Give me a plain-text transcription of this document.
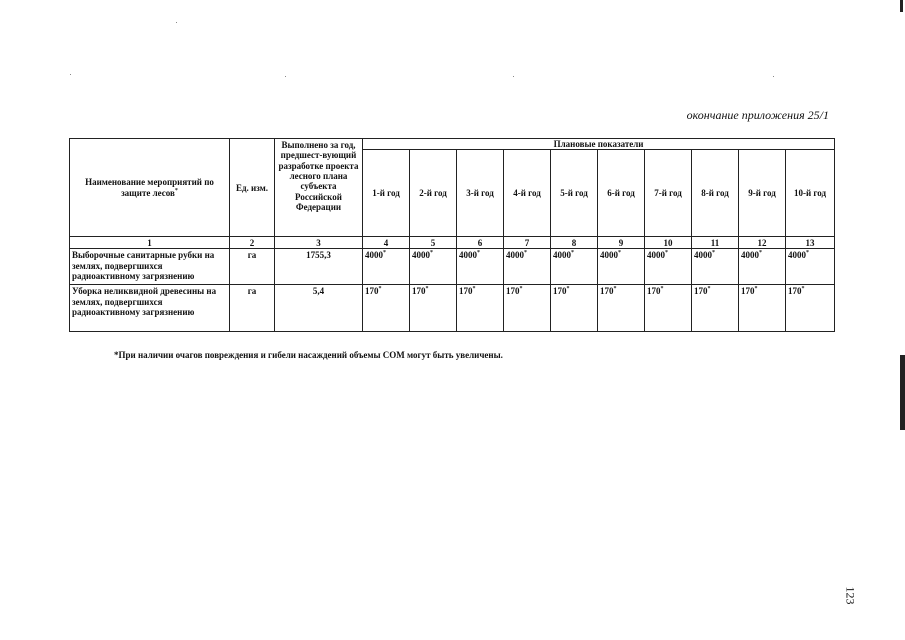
окончание приложения 25/1
Наименование мероприятий по защите лесов*	Ед. изм.	Выполнено за год, предшест-вующий разработке проекта лесного плана субъекта Российской Федерации	Плановые показатели									
			1-й год	2-й год	3-й год	4-й год	5-й год	6-й год	7-й год	8-й год	9-й год	10-й год
1	2	3	4	5	6	7	8	9	10	11	12	13
Выборочные санитарные рубки на землях, подвергшихся радиоактивному загрязнению	га	1755,3	4000*	4000*	4000*	4000*	4000*	4000*	4000*	4000*	4000*	4000*
Уборка неликвидной древесины на землях, подвергшихся радиоактивному загрязнению	га	5,4	170*	170*	170*	170*	170*	170*	170*	170*	170*	170*
*При наличии очагов повреждения и гибели насаждений объемы СОМ могут быть увеличены.
123
